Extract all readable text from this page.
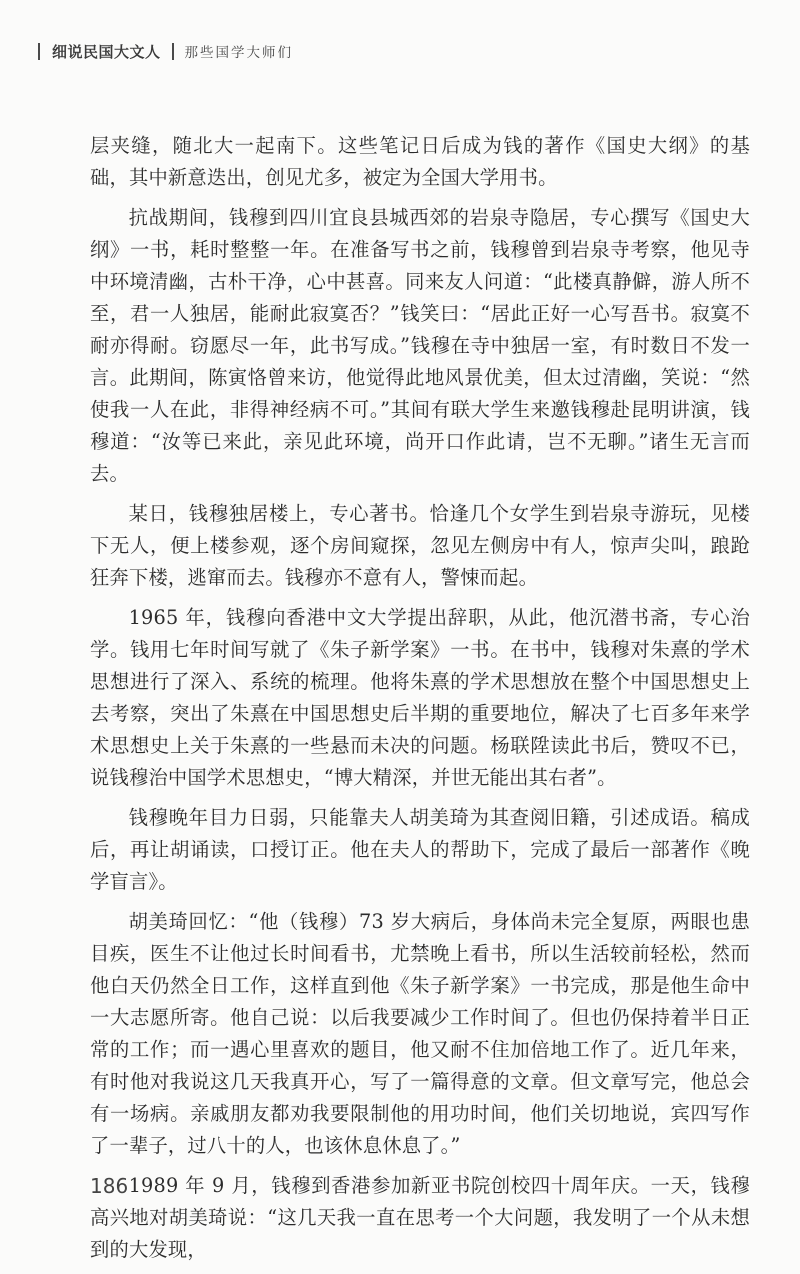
细说民国大文人 那些国学大师们

层夹缝，随北大一起南下。这些笔记日后成为钱的著作《国史大纲》的基础，其中新意迭出，创见尤多，被定为全国大学用书。

抗战期间，钱穆到四川宜良县城西郊的岩泉寺隐居，专心撰写《国史大纲》一书，耗时整整一年。在准备写书之前，钱穆曾到岩泉寺考察，他见寺中环境清幽，古朴干净，心中甚喜。同来友人问道：“此楼真静僻，游人所不至，君一人独居，能耐此寂寞否？”钱笑曰：“居此正好一心写吾书。寂寞不耐亦得耐。窃愿尽一年，此书写成。”钱穆在寺中独居一室，有时数日不发一言。此期间，陈寅恪曾来访，他觉得此地风景优美，但太过清幽，笑说：“然使我一人在此，非得神经病不可。”其间有联大学生来邀钱穆赴昆明讲演，钱穆道：“汝等已来此，亲见此环境，尚开口作此请，岂不无聊。”诸生无言而去。

某日，钱穆独居楼上，专心著书。恰逢几个女学生到岩泉寺游玩，见楼下无人，便上楼参观，逐个房间窥探，忽见左侧房中有人，惊声尖叫，踉跄狂奔下楼，逃窜而去。钱穆亦不意有人，警悚而起。

1965 年，钱穆向香港中文大学提出辞职，从此，他沉潜书斋，专心治学。钱用七年时间写就了《朱子新学案》一书。在书中，钱穆对朱熹的学术思想进行了深入、系统的梳理。他将朱熹的学术思想放在整个中国思想史上去考察，突出了朱熹在中国思想史后半期的重要地位，解决了七百多年来学术思想史上关于朱熹的一些悬而未决的问题。杨联陞读此书后，赞叹不已，说钱穆治中国学术思想史，“博大精深，并世无能出其右者”。

钱穆晚年目力日弱，只能靠夫人胡美琦为其查阅旧籍，引述成语。稿成后，再让胡诵读，口授订正。他在夫人的帮助下，完成了最后一部著作《晚学盲言》。

胡美琦回忆：“他（钱穆）73 岁大病后，身体尚未完全复原，两眼也患目疾，医生不让他过长时间看书，尤禁晚上看书，所以生活较前轻松，然而他白天仍然全日工作，这样直到他《朱子新学案》一书完成，那是他生命中一大志愿所寄。他自己说：以后我要减少工作时间了。但也仍保持着半日正常的工作；而一遇心里喜欢的题目，他又耐不住加倍地工作了。近几年来，有时他对我说这几天我真开心，写了一篇得意的文章。但文章写完，他总会有一场病。亲戚朋友都劝我要限制他的用功时间，他们关切地说，宾四写作了一辈子，过八十的人，也该休息休息了。”

1989 年 9 月，钱穆到香港参加新亚书院创校四十周年庆。一天，钱穆高兴地对胡美琦说：“这几天我一直在思考一个大问题，我发明了一个从未想到的大发现，

186
